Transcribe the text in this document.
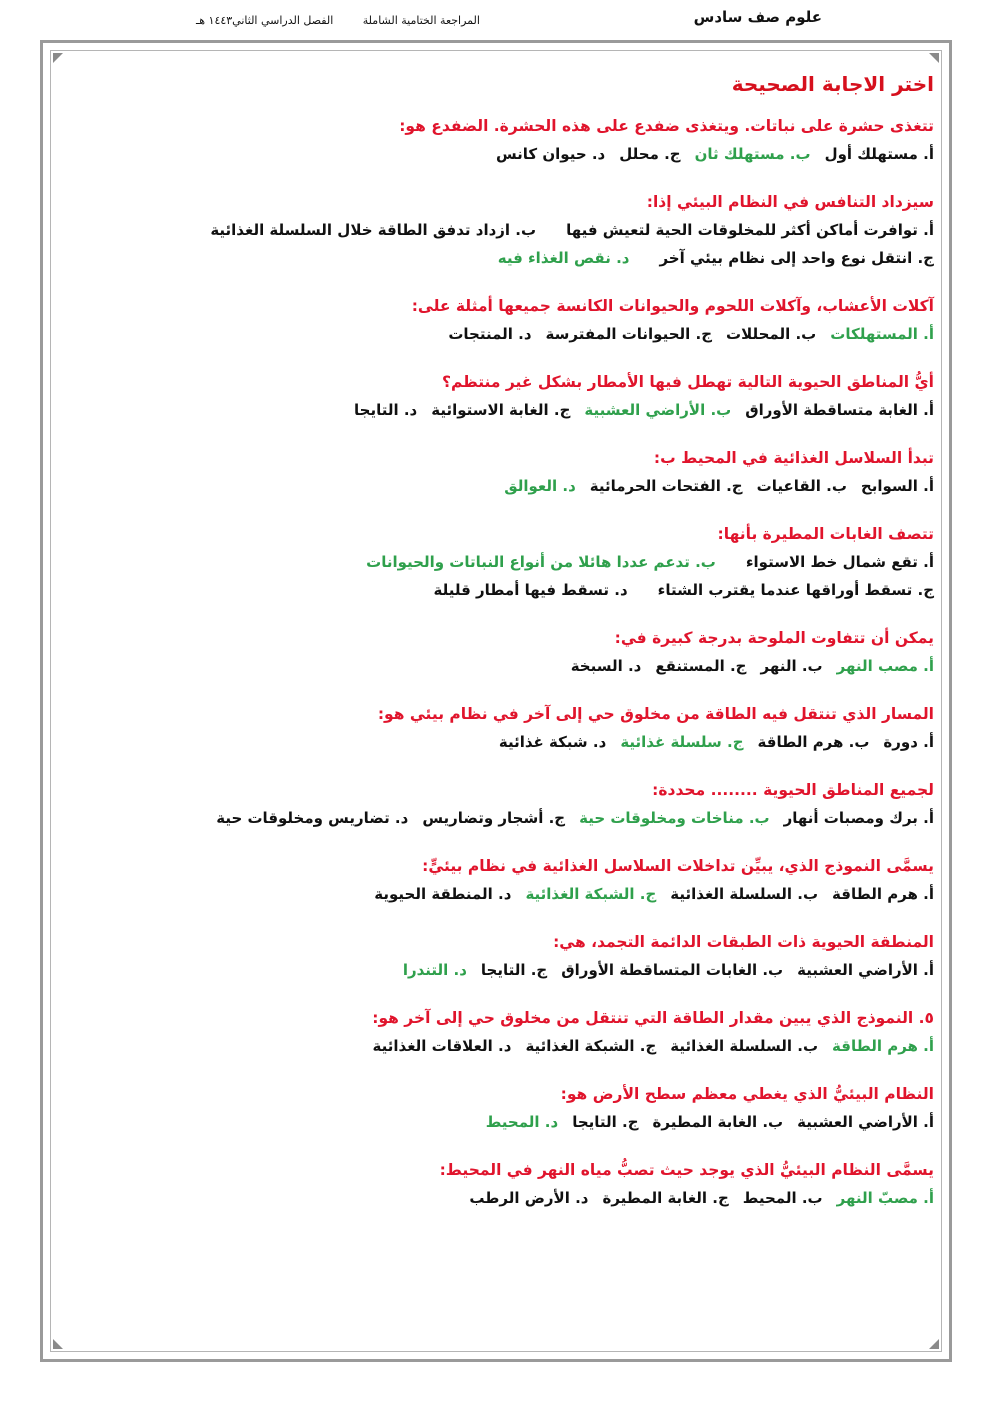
علوم صف سادس
المراجعة الختامية الشاملة الفصل الدراسي الثاني١٤٤٣ هـ
اختر الاجابة الصحيحة
تتغذى حشرة على نباتات. ويتغذى ضفدع على هذه الحشرة. الضفدع هو:
أ. مستهلك أولب. مستهلك ثانج. محللد. حيوان كانس
سيزداد التنافس في النظام البيئي إذا:
أ. توافرت أماكن أكثر للمخلوقات الحية لتعيش فيهاب. ازداد تدفق الطاقة خلال السلسلة الغذائية
ج. انتقل نوع واحد إلى نظام بيئي آخرد. نقص الغذاء فيه
آكلات الأعشاب، وآكلات اللحوم والحيوانات الكانسة جميعها أمثلة على:
أ. المستهلكاتب. المحللاتج. الحيوانات المفترسةد. المنتجات
أيُّ المناطق الحيوية التالية تهطل فيها الأمطار بشكل غير منتظم؟
أ. الغابة متساقطة الأوراقب. الأراضي العشبيةج. الغابة الاستوائيةد. التايجا
تبدأ السلاسل الغذائية في المحيط ب:
أ. السوابحب. القاعياتج. الفتحات الحرمائيةد. العوالق
تتصف الغابات المطيرة بأنها:
أ. تقع شمال خط الاستواءب. تدعم عددا هائلا من أنواع النباتات والحيوانات
ج. تسقط أوراقها عندما يقترب الشتاءد. تسقط فيها أمطار قليلة
يمكن أن تتفاوت الملوحة بدرجة كبيرة في:
أ. مصب النهرب. النهرج. المستنقعد. السبخة
المسار الذي تنتقل فيه الطاقة من مخلوق حي إلى آخر في نظام بيئي هو:
أ. دورةب. هرم الطاقةج. سلسلة غذائيةد. شبكة غذائية
لجميع المناطق الحيوية ........ محددة:
أ. برك ومصبات أنهارب. مناخات ومخلوقات حيةج. أشجار وتضاريسد. تضاريس ومخلوقات حية
يسمَّى النموذج الذي، يبيِّن تداخلات السلاسل الغذائية في نظام بيئيٍّ:
أ. هرم الطاقةب. السلسلة الغذائيةج. الشبكة الغذائيةد. المنطقة الحيوية
المنطقة الحيوية ذات الطبقات الدائمة التجمد، هي:
أ. الأراضي العشبيةب. الغابات المتساقطة الأوراقج. التايجاد. التندرا
٥. النموذج الذي يبين مقدار الطاقة التي تنتقل من مخلوق حي إلى آخر هو:
أ. هرم الطاقةب. السلسلة الغذائيةج. الشبكة الغذائيةد. العلاقات الغذائية
النظام البيئيُّ الذي يغطي معظم سطح الأرض هو:
أ. الأراضي العشبيةب. الغابة المطيرةج. التايجاد. المحيط
يسمَّى النظام البيئيُّ الذي يوجد حيث تصبُّ مياه النهر في المحيط:
أ. مصبّ النهرب. المحيطج. الغابة المطيرةد. الأرض الرطب
